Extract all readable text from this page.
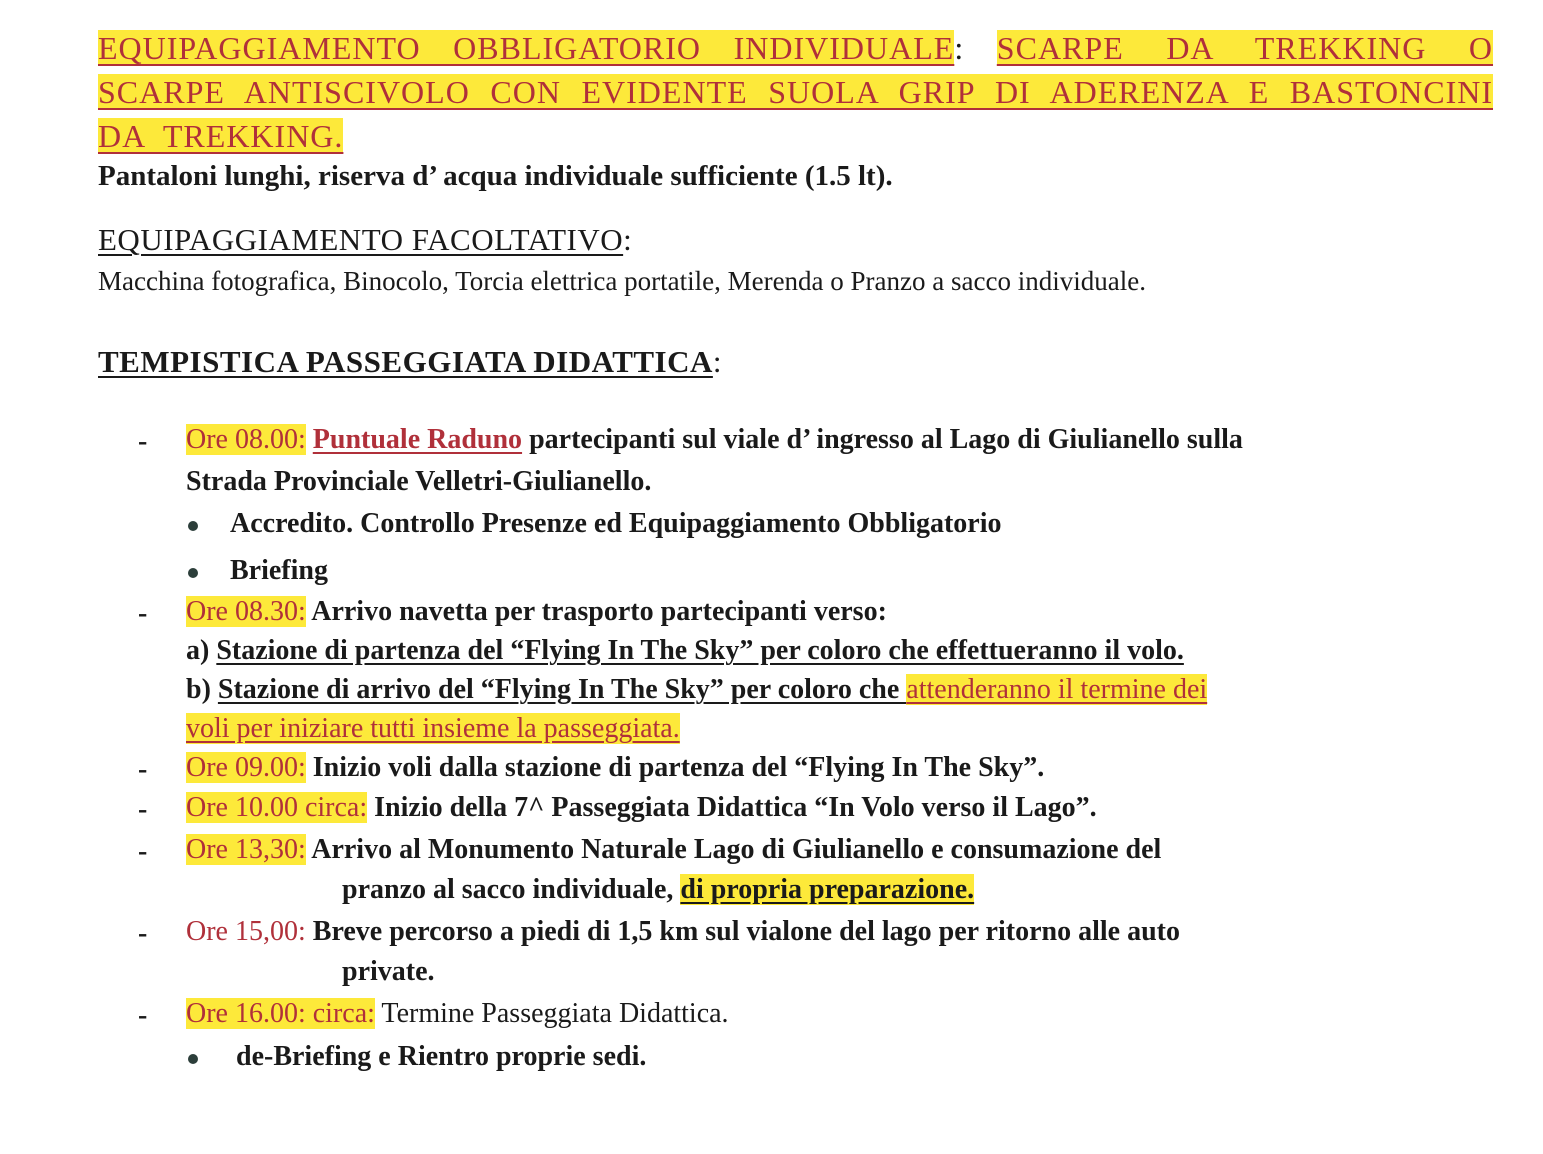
EQUIPAGGIAMENTO OBBLIGATORIO INDIVIDUALE: SCARPE DA TREKKING O SCARPE ANTISCIVOLO CON EVIDENTE SUOLA GRIP DI ADERENZA E BASTONCINI DA TREKKING.
Pantaloni lunghi, riserva d’ acqua individuale sufficiente (1.5 lt).
EQUIPAGGIAMENTO FACOLTATIVO:
Macchina fotografica, Binocolo, Torcia elettrica portatile, Merenda o Pranzo a sacco individuale.
TEMPISTICA PASSEGGIATA DIDATTICA:
- Ore 08.00: Puntuale Raduno partecipanti sul viale d’ ingresso al Lago di Giulianello sulla
Strada Provinciale Velletri-Giulianello.
Accredito. Controllo Presenze ed Equipaggiamento Obbligatorio
Briefing
- Ore 08.30: Arrivo navetta per trasporto partecipanti verso:
a) Stazione di partenza del “Flying In The Sky” per coloro che effettueranno il volo.
b) Stazione di arrivo del “Flying In The Sky” per coloro che attenderanno il termine dei
voli per iniziare tutti insieme la passeggiata.
- Ore 09.00: Inizio voli dalla stazione di partenza del “Flying In The Sky”.
- Ore 10.00 circa: Inizio della 7^ Passeggiata Didattica “In Volo verso il Lago”.
- Ore 13,30: Arrivo al Monumento Naturale Lago di Giulianello e consumazione del
pranzo al sacco individuale, di propria preparazione.
- Ore 15,00: Breve percorso a piedi di 1,5 km sul vialone del lago per ritorno alle auto
private.
- Ore 16.00: circa: Termine Passeggiata Didattica.
de-Briefing e Rientro proprie sedi.
